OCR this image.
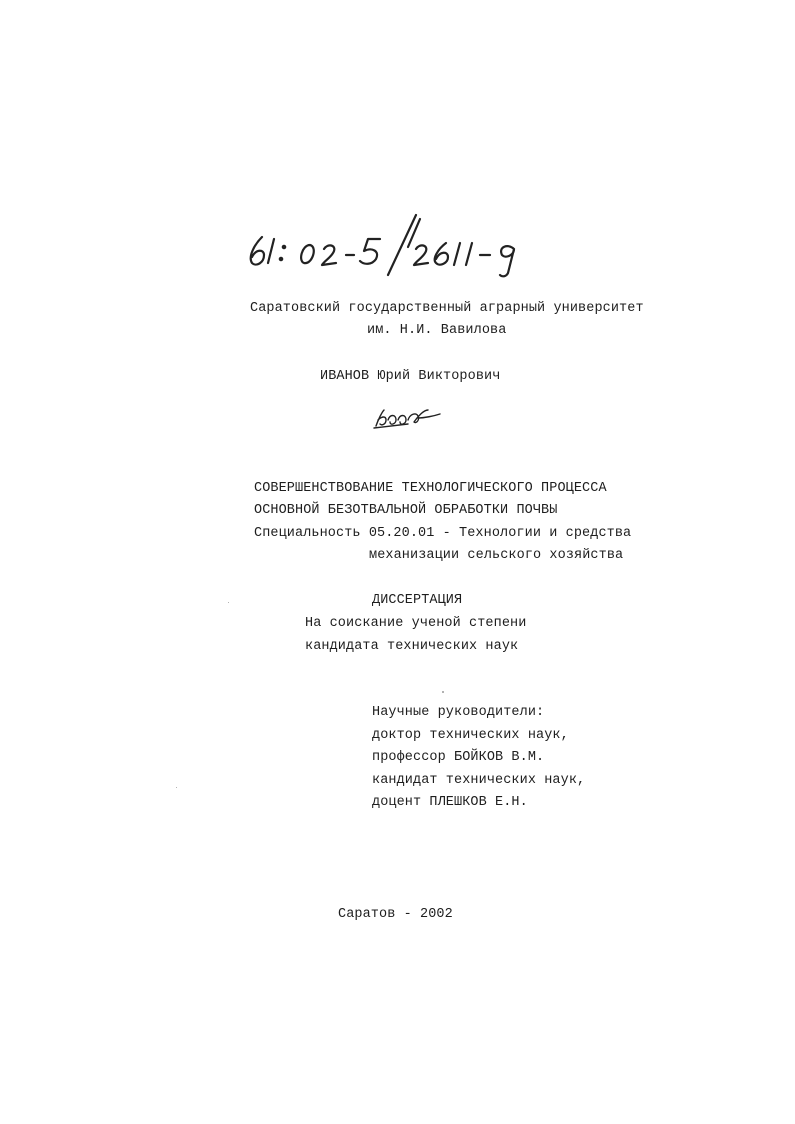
Саратовский государственный аграрный университет
им. Н.И. Вавилова
ИВАНОВ Юрий Викторович
СОВЕРШЕНСТВОВАНИЕ ТЕХНОЛОГИЧЕСКОГО ПРОЦЕССА
ОСНОВНОЙ БЕЗОТВАЛЬНОЙ ОБРАБОТКИ ПОЧВЫ
Специальность 05.20.01 - Технологии и средства
механизации сельского хозяйства
ДИССЕРТАЦИЯ
На соискание ученой степени
кандидата технических наук
Научные руководители:
доктор технических наук,
профессор БОЙКОВ В.М.
кандидат технических наук,
доцент ПЛЕШКОВ Е.Н.
Саратов - 2002
